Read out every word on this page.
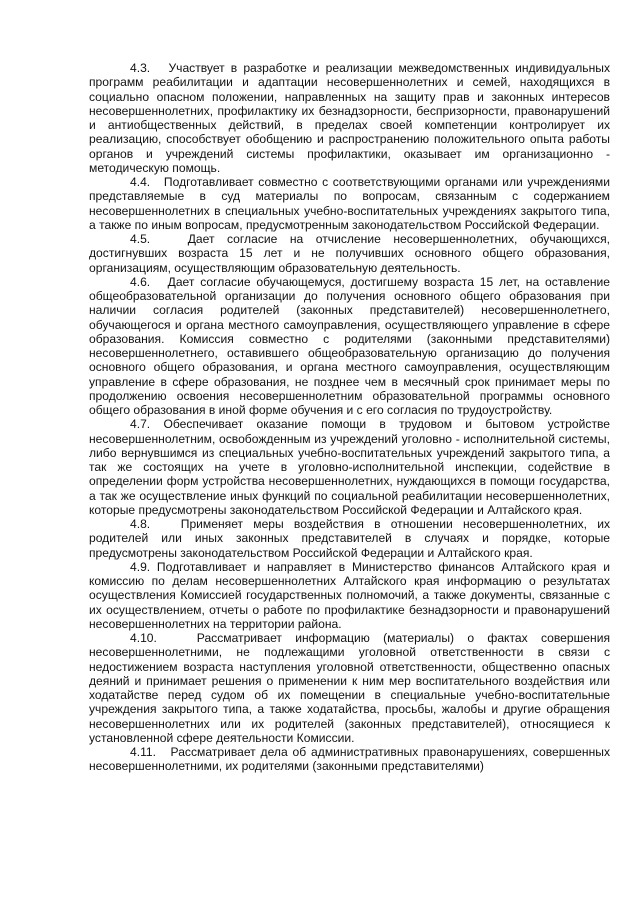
4.3.   Участвует в разработке и реализации межведомственных индивидуальных программ реабилитации и адаптации несовершеннолетних и семей, находящихся в социально опасном положении, направленных на защиту прав и законных интересов несовершеннолетних, профилактику их безнадзорности, беспризорности, правонарушений и антиобщественных действий, в пределах своей компетенции контролирует их реализацию, способствует обобщению и распространению положительного опыта работы органов и учреждений системы профилактики, оказывает им организационно - методическую помощь.

4.4.   Подготавливает совместно с соответствующими органами или учреждениями представляемые в суд материалы по вопросам, связанным с содержанием несовершеннолетних в специальных учебно-воспитательных учреждениях закрытого типа, а также по иным вопросам, предусмотренным законодательством Российской Федерации.

4.5.   Дает согласие на отчисление несовершеннолетних, обучающихся, достигнувших возраста 15 лет и не получивших основного общего образования, организациям, осуществляющим образовательную деятельность.

4.6.   Дает согласие обучающемуся, достигшему возраста 15 лет, на оставление общеобразовательной организации до получения основного общего образования при наличии согласия родителей (законных представителей) несовершеннолетнего, обучающегося и органа местного самоуправления, осуществляющего управление в сфере образования. Комиссия совместно с родителями (законными представителями) несовершеннолетнего, оставившего общеобразовательную организацию до получения основного общего образования, и органа местного самоуправления, осуществляющим управление в сфере образования, не позднее чем в месячный срок принимает меры по продолжению освоения несовершеннолетним образовательной программы основного общего образования в иной форме обучения и с его согласия по трудоустройству.

4.7. Обеспечивает оказание помощи в трудовом и бытовом устройстве несовершеннолетним, освобожденным из учреждений уголовно - исполнительной системы, либо вернувшимся из специальных учебно-воспитательных учреждений закрытого типа, а так же состоящих на учете в уголовно-исполнительной инспекции, содействие в определении форм устройства несовершеннолетних, нуждающихся в помощи государства, а так же осуществление иных функций по социальной реабилитации несовершеннолетних, которые предусмотрены законодательством Российской Федерации и Алтайского края.

4.8.   Применяет меры воздействия в отношении несовершеннолетних, их родителей или иных законных представителей в случаях и порядке, которые предусмотрены законодательством Российской Федерации и Алтайского края.

4.9. Подготавливает и направляет в Министерство финансов Алтайского края и комиссию по делам несовершеннолетних Алтайского края информацию о результатах осуществления Комиссией государственных полномочий, а также документы, связанные с их осуществлением, отчеты о работе по профилактике безнадзорности и правонарушений несовершеннолетних на территории района.

4.10.   Рассматривает информацию (материалы) о фактах совершения несовершеннолетними, не подлежащими уголовной ответственности в связи с недостижением возраста наступления уголовной ответственности, общественно опасных деяний и принимает решения о применении к ним мер воспитательного воздействия или ходатайстве перед судом об их помещении в специальные учебно-воспитательные учреждения закрытого типа, а также ходатайства, просьбы, жалобы и другие обращения несовершеннолетних или их родителей (законных представителей), относящиеся к установленной сфере деятельности Комиссии.

4.11.   Рассматривает дела об административных правонарушениях, совершенных несовершеннолетними, их родителями (законными представителями)
